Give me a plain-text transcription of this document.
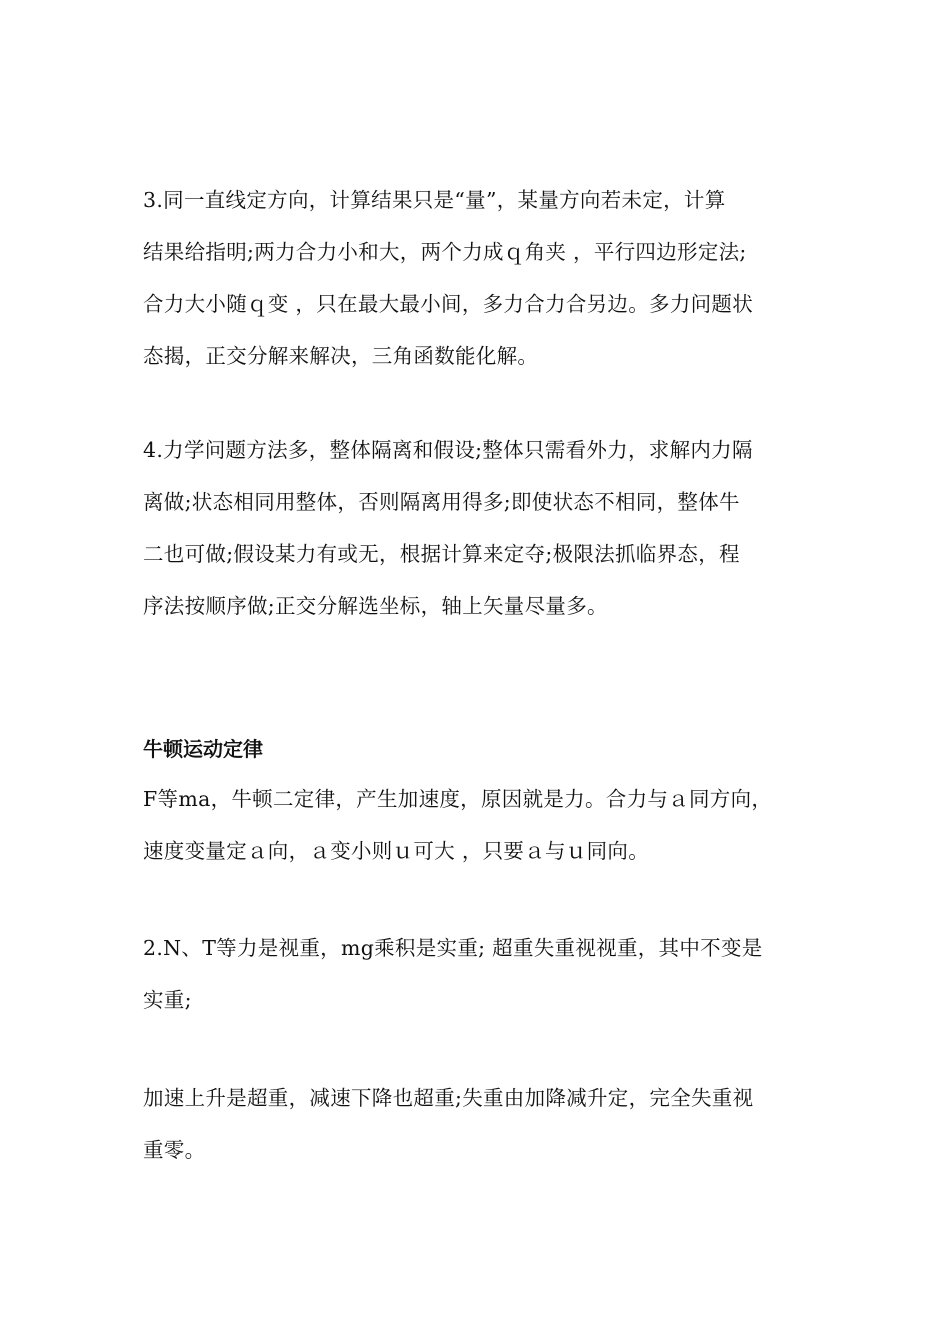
3.同一直线定方向，计算结果只是“量”，某量方向若未定，计算
结果给指明;两力合力小和大，两个力成ｑ角夹 ，平行四边形定法;
合力大小随ｑ变 ，只在最大最小间，多力合力合另边。多力问题状
态揭，正交分解来解决，三角函数能化解。

4.力学问题方法多，整体隔离和假设;整体只需看外力，求解内力隔
离做;状态相同用整体，否则隔离用得多;即使状态不相同，整体牛
二也可做;假设某力有或无，根据计算来定夺;极限法抓临界态，程
序法按顺序做;正交分解选坐标，轴上矢量尽量多。

牛顿运动定律

F等ma，牛顿二定律，产生加速度，原因就是力。合力与ａ同方向，
速度变量定ａ向，ａ变小则ｕ可大 ，只要ａ与ｕ同向。

2.N、T等力是视重，mg乘积是实重; 超重失重视视重，其中不变是
实重;

加速上升是超重，减速下降也超重;失重由加降减升定，完全失重视
重零。
